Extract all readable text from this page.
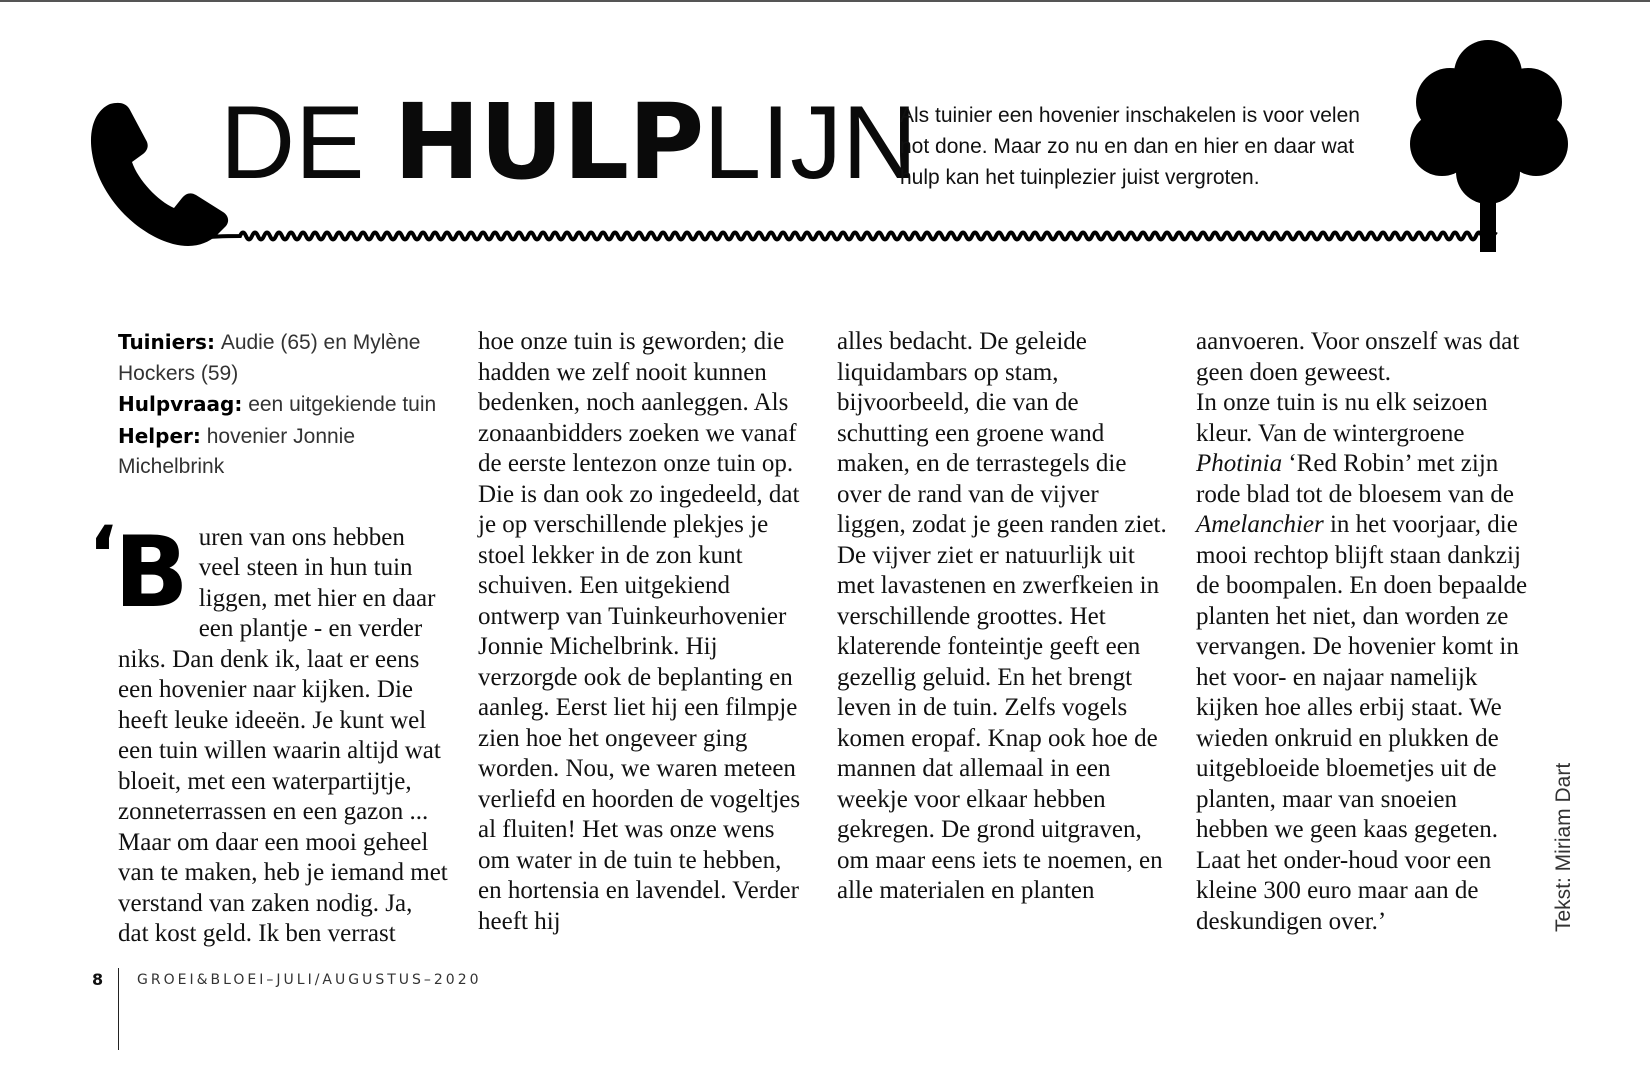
DE HULPLIJN
Als tuinier een hovenier inschakelen is voor velen not done. Maar zo nu en dan en hier en daar wat hulp kan het tuinplezier juist vergroten.
Tuiniers: Audie (65) en Mylène Hockers (59)
Hulpvraag: een uitgekiende tuin
Helper: hovenier Jonnie Michelbrink
‘
B uren van ons hebben veel steen in hun tuin liggen, met hier en daar een plantje - en verder niks. Dan denk ik, laat er eens een hovenier naar kijken. Die heeft leuke ideeën. Je kunt wel een tuin willen waarin altijd wat bloeit, met een waterpartijtje, zonneterrassen en een gazon ... Maar om daar een mooi geheel van te maken, heb je iemand met verstand van zaken nodig. Ja, dat kost geld. Ik ben verrast

hoe onze tuin is geworden; die hadden we zelf nooit kunnen bedenken, noch aanleggen. Als zonaanbidders zoeken we vanaf de eerste lentezon onze tuin op. Die is dan ook zo ingedeeld, dat je op verschillende plekjes je stoel lekker in de zon kunt schuiven. Een uitgekiend ontwerp van Tuinkeurhovenier Jonnie Michelbrink. Hij verzorgde ook de beplanting en aanleg. Eerst liet hij een filmpje zien hoe het ongeveer ging worden. Nou, we waren meteen verliefd en hoorden de vogeltjes al fluiten! Het was onze wens om water in de tuin te hebben, en hortensia en lavendel. Verder heeft hij

alles bedacht. De geleide liquidambars op stam, bijvoorbeeld, die van de schutting een groene wand maken, en de terrastegels die over de rand van de vijver liggen, zodat je geen randen ziet. De vijver ziet er natuurlijk uit met lavastenen en zwerfkeien in verschillende groottes. Het klaterende fonteintje geeft een gezellig geluid. En het brengt leven in de tuin. Zelfs vogels komen eropaf. Knap ook hoe de mannen dat allemaal in een weekje voor elkaar hebben gekregen. De grond uitgraven, om maar eens iets te noemen, en alle materialen en planten

aanvoeren. Voor onszelf was dat geen doen geweest.

In onze tuin is nu elk seizoen kleur. Van de wintergroene Photinia ‘Red Robin’ met zijn rode blad tot de bloesem van de Amelanchier in het voorjaar, die mooi rechtop blijft staan dankzij de boompalen. En doen bepaalde planten het niet, dan worden ze vervangen. De hovenier komt in het voor- en najaar namelijk kijken hoe alles erbij staat. We wieden onkruid en plukken de uitgebloeide bloemetjes uit de planten, maar van snoeien hebben we geen kaas gegeten. Laat het onder-houd voor een kleine 300 euro maar aan de deskundigen over.’	Tekst: Miriam Dart
8 GROEI&BLOEI–JULI/AUGUSTUS–2020
